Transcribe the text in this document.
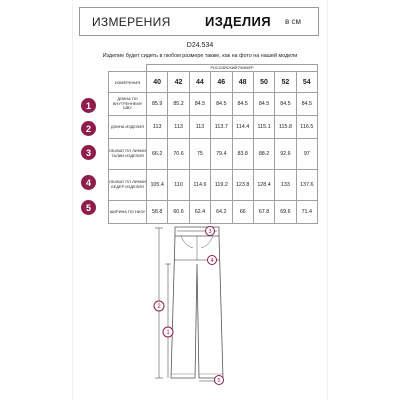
ИЗМЕРЕНИЯ	ИЗДЕЛИЯ в см
D24.534
Изделие будет сидеть в любом размере также, как на фото на нашей модели
1
2
3
4
5
	РОССИЙСКИЙ РАЗМЕР							
ИЗМЕРЕНИЯ	40	42	44	46	48	50	52	54
ДЛИНА ПО ВНУТРЕННЕМУ ШВУ	85.9	85.2	84.5	84.5	84.5	84.5	84.5	84.5
ДЛИНА ИЗДЕЛИЯ	113	113	113	113.7	114.4	115.1	115.8	116.5
ОБХВАТ ПО ЛИНИИ ТАЛИИ ИЗДЕЛИЯ	66.2	70.6	75	79.4	83.8	88.2	92.6	97
ОБХВАТ ПО ЛИНИИ БЕДЕР ИЗДЕЛИЯ	105.4	110	114.6	119.2	123.8	128.4	133	137.6
ШИРИНА ПО НИЗУ	58.8	60.6	62.4	64.2	66	67.8	69.6	71.4
2
1
3
4
5
